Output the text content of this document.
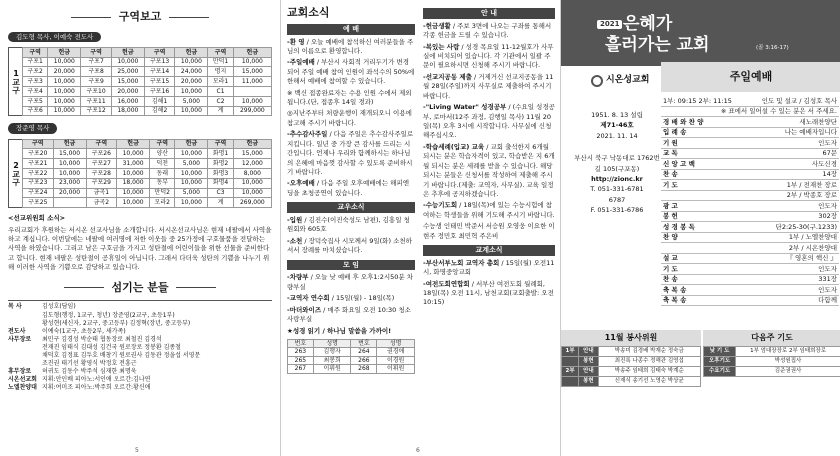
구역보고
김도형 목사, 이예숙 전도사
1교구
구역	헌금	구역	헌금	구역	헌금	구역	헌금
구포1	10,000	구포7	10,000	구포13	10,000	만덕1	10,000
구포2	20,000	구포8	25,000	구포14	24,000	명지	15,000
구포3	10,000	구포9	15,000	구포15	20,000	모라1	11,000
구포4	10,000	구포10	20,000	구포16	10,000	C1	
구포5	10,000	구포11	16,000	김해1	5,000	C2	10,000
구포6	10,000	구포12	18,000	김해2	10,000	계	299,000
장준영 목사
2교구
구역	헌금	구역	헌금	구역	헌금	구역	헌금
구포20	15,000	구포26	10,000	양산	10,000	화명1	15,000
구포21	10,000	구포27	31,000	덕천	5,000	화명2	12,000
구포22	10,000	구포28	10,000	동래	10,000	화명3	8,000
구포23	23,000	구포29	18,000	동부	10,000	화명4	10,000
구포24	20,000	금곡1	10,000	만덕2	5,000	C3	10,000
구포25		금곡2	10,000	모라2	10,000	계	269,000
<선교위원회 소식>
우리교회가 후원하는 서시온 선교사님을 소개합니다. 서시온선교사님은 현재 네팔에서 사역을 하고 계십니다. 이번달에는 네팔에 여러명에 저한 이웃들 중 25가정에 구호물품을 전달하는 사역을 하였습니다. 그리고 남은 구호금을 가지고 성탄절에 어린이들을 위한 선물을 준비한다고 합니다. 현재 네팔은 성탄절이 공휴일이 아닙니다. 그래서 다더욱 성탄의 기쁨을 나누기 위해 이러한 사역을 기쁨으로 감당하고 있습니다.
섬기는 분들
목 사	김성호(담임)
김도형(행정, 1교구, 청년) 장준영(2교구, 초등1부)
황성현(새신자, 2교구, 중고등부) 김정혁(장년, 중고등부)
전도사	이예숙(1교구, 초등2부, 새가족)
사무장로	최민구 김경성 박순태 협동장로 최철진 김경석
전재진 임태식 김대성 김건국 원로장로 정봉환 김종철
채덕호 김정표 김두호 배창기 원로권사 김동관 정을섭 서영문
조진권 태기선 황영식 박정호 전흥근
휴무장로	허귀도 김동수 박주석 심재한 최명욱
시온선교회 지휘:안인배 피아노:서인애 오르간:김나연
노엘찬양대 지휘:여미조 피아노:박주희 오르간:황신애
5
교회소식
예 배
-환 영 / 오늘 예배에 참석하신 여러분들을 주님의 이름으로 환영합니다.
-주일예배 / 부산시 사회적 거리두기가 변경되어 주일 예배 참여 인원이 좌석수의 50%에 한해서 예배에 참여할 수 있습니다.
※ 백신 접종완료자는 수용 인원 수에서 제외됩니다.(단, 접종후 14일 경과)
◎지난주부터 처량운행이 재개되오니 이용에 참고해 주시기 바랍니다.
-추수감사주일 / 다음 주일은 추수감사주일로 지킵니다. 일년 중 가장 큰 감사를 드리는 시간입니다. 언제나 우리와 함께하시는 하나님의 은혜에 마음껏 감사할 수 있도록 준비하시기 바랍니다.
-오후예배 / 다음 주일 오후예배에는 해피엔딩을 초청공연이 있습니다.
교우소식
-입원 / 김진수(이진숙성도 남편), 김홍일 청원회와 605호
-소천 / 장덕숙집사 시모께서 9일(화) 소천하셔서 장례를 마치셨습니다.
모 임
-차량부 / 오늘 낮 예배 후 오후1:2시50분 차량부실
-교역자 연수회 / 15일(월) - 18일(목)
-마더와이즈 / 매주 화요일 오전 10:30 청소 사랑부실
★성경 읽기 / 하나님 말씀을 가까이!
번호	성명	번호	성명
263	김행자	264	권경애
265	최봉희	266	이경원
267	이휘원	268	이휘원
안 내
-헌금생활 / 주보 3면에 나오는 구좌를 통해서 각종 헌금을 드릴 수 있습니다.
-복있는 사람 / 성경 목요일 11-12월호가 사무실에 비치되어 있습니다. 각 기관에서 일괄 주문이 필요하시면 신청해 주시기 바랍니다.
-선교지공동 제출 / 거제거신 선교지공동을 11월 28일(주일)까지 사무실로 제출하여 주시기 바랍니다.
-"Living Water" 성경공부 / (수요일 성경공부, 로마서(12주 과정, 김행일 목사) 11월 20일(목) 오후 3시에 시작합니다. 사무실에 신청해주십시오.
-학습세례(입교) 교육 / 교회 출석한지 6개월 되시는 분은 학습자격이 있고, 학습받은 지 6개월 되시는 분은 세례를 받을 수 있습니다. 해당되시는 분들은 신청서를 작성하여 제출해 주시기 바랍니다.(제출: 교역자, 사무실). 교육 일정은 추후에 공지하겠습니다.
-수능기도회 / 18일(목)에 있는 수능시험에 참여하는 학생들을 위해 기도해 주시기 바랍니다.
수능생 인태민 박준서 서승원 오영웅 이요한 이현주 정민호 최민혁 주은비
교계소식
-부산서부노회 교역자 총회 / 15일(월) 오전11시, 화명중앙교회
-여전도회연합회 / 서부산 여전도회 월례회, 18일(목) 오전 11시, 남천교회(교회출발: 오전10:15)
6
2021 은혜가
흘러가는 교회	(골 3:16-17)
시온성교회	주일예배
1951. 8. 13 설립
제71-46호
2021. 11. 14
부산시 북구 낙동대로 1762번길 105(구포동)
http://zionc.kr
T. 051-331-6781
6787
F. 051-331-6786
1부: 09:15 2부: 11:15	인도 및 설교 / 김성호 목사
※ 표에서 일어설 수 있는 분은 서 주세요.
경 배 와 찬 양	새노래찬양단
입 례 송	나는 예배자입니다
기 원	인도자
교 독	67문
신 앙 고 백	사도신경
찬 송	14장
기 도	1부 / 전재찬 장로
2부 / 박종호 장로
광 고	인도자
봉 헌	302장
성 경 봉 독	단2:25-30(구.1233)
찬 양	1부 / 노엘찬양대
2부 / 시온찬양대
설 교	『 영혼의 핵신 』
기 도	인도자
찬 송	331장
축 복 송	인도자
축 복 송	다함께
11월 봉사위원
1부	안내	박송미 김경배 박재순 정숙금
	봉헌	최진록 나종수 정해관 김영섭
2부	안내	박송주 임태희 김태숙 박계순
	봉헌	신재식 송기선 노영순 박상균
다음주 기도
낮 기 도	1부 엄대장장로 2부 임태희장로
오후기도	박성원집사
수요기도	김준권권사
